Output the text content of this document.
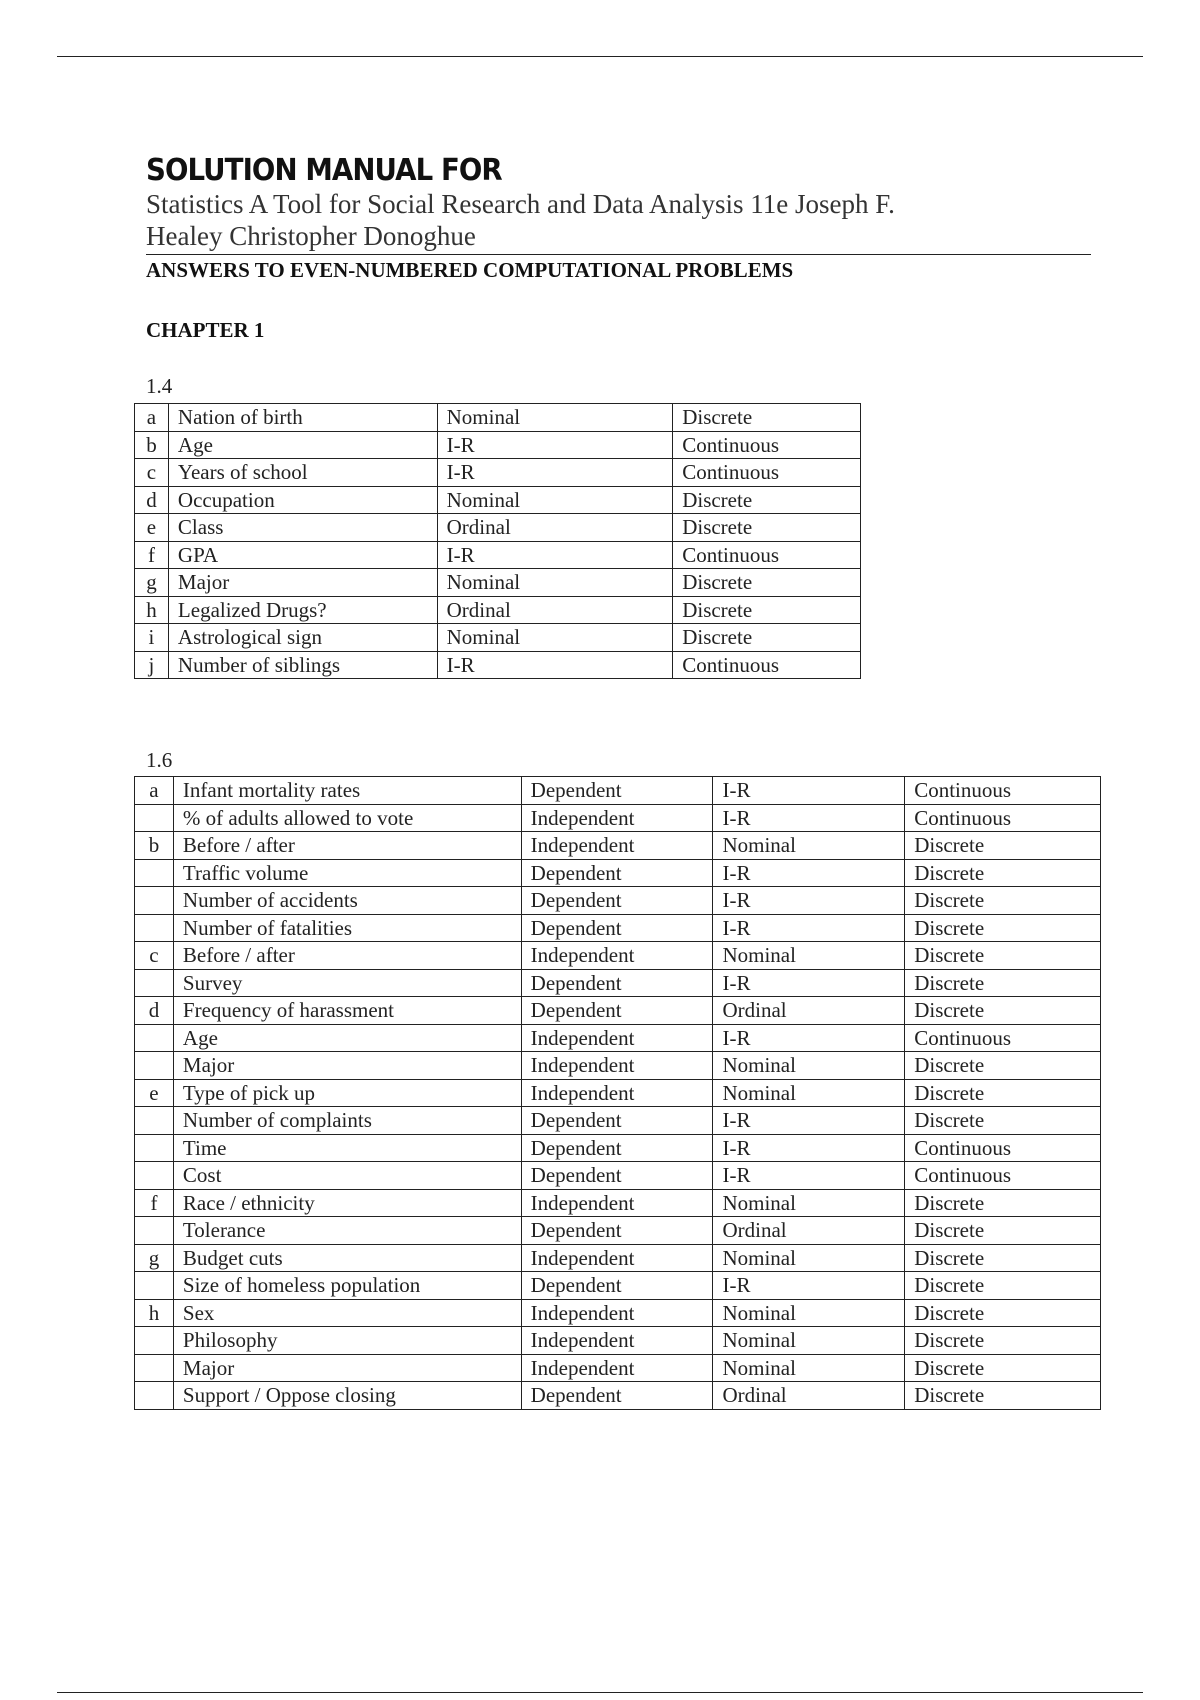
SOLUTION MANUAL FOR

Statistics A Tool for Social Research and Data Analysis 11e Joseph F. Healey Christopher Donoghue

ANSWERS TO EVEN-NUMBERED COMPUTATIONAL PROBLEMS

CHAPTER 1
1.4
a	Nation of birth	Nominal	Discrete
b	Age	I-R	Continuous
c	Years of school	I-R	Continuous
d	Occupation	Nominal	Discrete
e	Class	Ordinal	Discrete
f	GPA	I-R	Continuous
g	Major	Nominal	Discrete
h	Legalized Drugs?	Ordinal	Discrete
i	Astrological sign	Nominal	Discrete
j	Number of siblings	I-R	Continuous
1.6
a	Infant mortality rates	Dependent	I-R	Continuous
	% of adults allowed to vote	Independent	I-R	Continuous
b	Before / after	Independent	Nominal	Discrete
	Traffic volume	Dependent	I-R	Discrete
	Number of accidents	Dependent	I-R	Discrete
	Number of fatalities	Dependent	I-R	Discrete
c	Before / after	Independent	Nominal	Discrete
	Survey	Dependent	I-R	Discrete
d	Frequency of harassment	Dependent	Ordinal	Discrete
	Age	Independent	I-R	Continuous
	Major	Independent	Nominal	Discrete
e	Type of pick up	Independent	Nominal	Discrete
	Number of complaints	Dependent	I-R	Discrete
	Time	Dependent	I-R	Continuous
	Cost	Dependent	I-R	Continuous
f	Race / ethnicity	Independent	Nominal	Discrete
	Tolerance	Dependent	Ordinal	Discrete
g	Budget cuts	Independent	Nominal	Discrete
	Size of homeless population	Dependent	I-R	Discrete
h	Sex	Independent	Nominal	Discrete
	Philosophy	Independent	Nominal	Discrete
	Major	Independent	Nominal	Discrete
	Support / Oppose closing	Dependent	Ordinal	Discrete
